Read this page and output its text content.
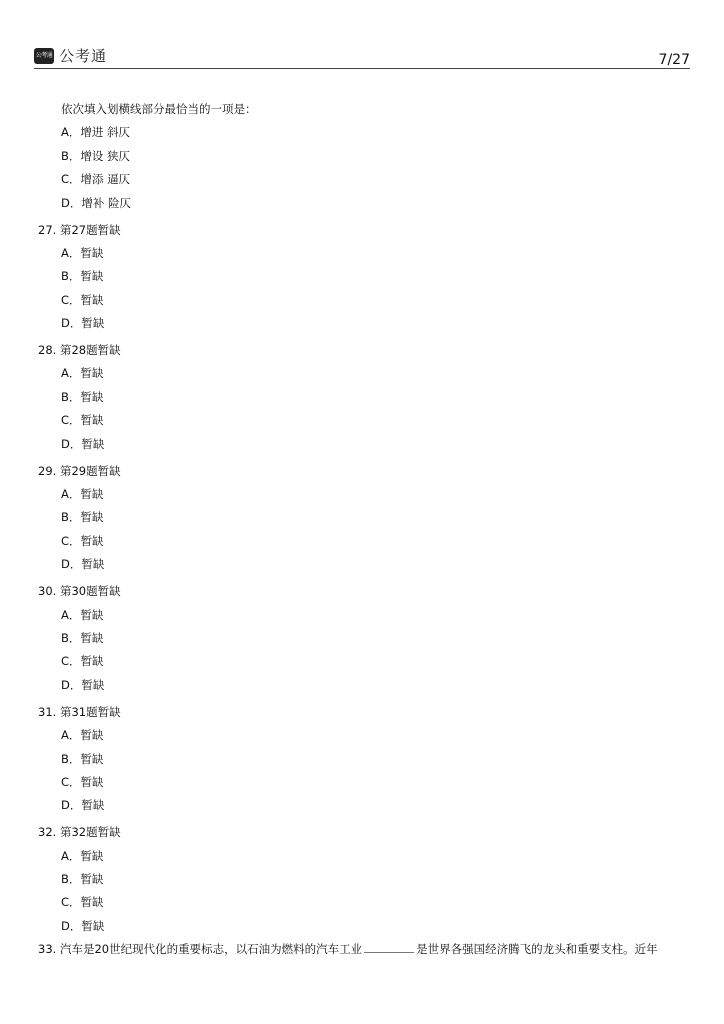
公考通 公考通	7/27
依次填入划横线部分最恰当的一项是：
A．增进 斜仄
B．增设 狭仄
C．增添 逼仄
D．增补 险仄
27. 第27题暂缺
A．暂缺
B．暂缺
C．暂缺
D．暂缺
28. 第28题暂缺
A．暂缺
B．暂缺
C．暂缺
D．暂缺
29. 第29题暂缺
A．暂缺
B．暂缺
C．暂缺
D．暂缺
30. 第30题暂缺
A．暂缺
B．暂缺
C．暂缺
D．暂缺
31. 第31题暂缺
A．暂缺
B．暂缺
C．暂缺
D．暂缺
32. 第32题暂缺
A．暂缺
B．暂缺
C．暂缺
D．暂缺
33. 汽车是20世纪现代化的重要标志，以石油为燃料的汽车工业	是世界各强国经济腾飞的龙头和重要支柱。近年
